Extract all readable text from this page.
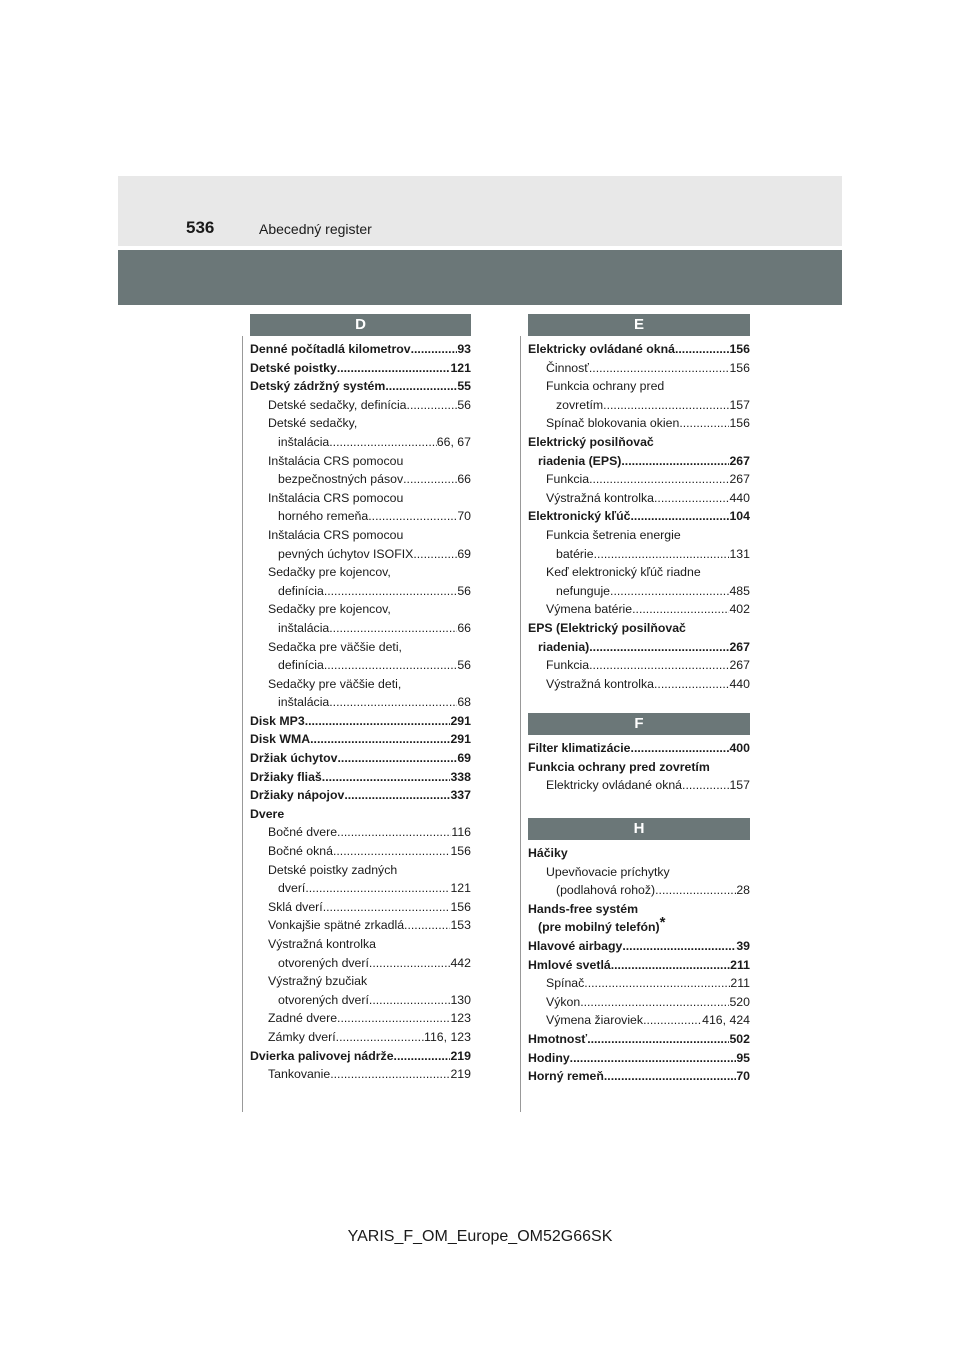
536	Abecedný register
D
Denné počítadlá kilometrov .....	93
Detské poistky .....	121
Detský zádržný systém .....	55
Detské sedačky, definícia .....	56
Detské sedačky,
inštalácia .....	66, 67
Inštalácia CRS pomocou
bezpečnostných pásov .....	66
Inštalácia CRS pomocou
horného remeňa .....	70
Inštalácia CRS pomocou
pevných úchytov ISOFIX .....	69
Sedačky pre kojencov,
definícia .....	56
Sedačky pre kojencov,
inštalácia .....	66
Sedačka pre väčšie deti,
definícia .....	56
Sedačky pre väčšie deti,
inštalácia .....	68
Disk MP3 .....	291
Disk WMA .....	291
Držiak úchytov .....	69
Držiaky fliaš .....	338
Držiaky nápojov .....	337
Dvere
Bočné dvere .....	116
Bočné okná .....	156
Detské poistky zadných
dverí .....	121
Sklá dverí .....	156
Vonkajšie spätné zrkadlá .....	153
Výstražná kontrolka
otvorených dverí .....	442
Výstražný bzučiak
otvorených dverí .....	130
Zadné dvere .....	123
Zámky dverí .....	116, 123
Dvierka palivovej nádrže .....	219
Tankovanie .....	219
E
Elektricky ovládané okná .....	156
Činnosť .....	156
Funkcia ochrany pred
zovretím .....	157
Spínač blokovania okien .....	156
Elektrický posilňovač
riadenia (EPS) .....	267
Funkcia .....	267
Výstražná kontrolka .....	440
Elektronický kľúč .....	104
Funkcia šetrenia energie
batérie .....	131
Keď elektronický kľúč riadne
nefunguje .....	485
Výmena batérie .....	402
EPS (Elektrický posilňovač
riadenia) .....	267
Funkcia .....	267
Výstražná kontrolka .....	440
F
Filter klimatizácie .....	400
Funkcia ochrany pred zovretím
Elektricky ovládané okná .....	157
H
Háčiky
Upevňovacie príchytky
(podlahová rohož) .....	28
Hands-free systém
(pre mobilný telefón)*
Hlavové airbagy .....	39
Hmlové svetlá .....	211
Spínač .....	211
Výkon .....	520
Výmena žiaroviek .....	416, 424
Hmotnosť .....	502
Hodiny .....	95
Horný remeň .....	70
YARIS_F_OM_Europe_OM52G66SK
